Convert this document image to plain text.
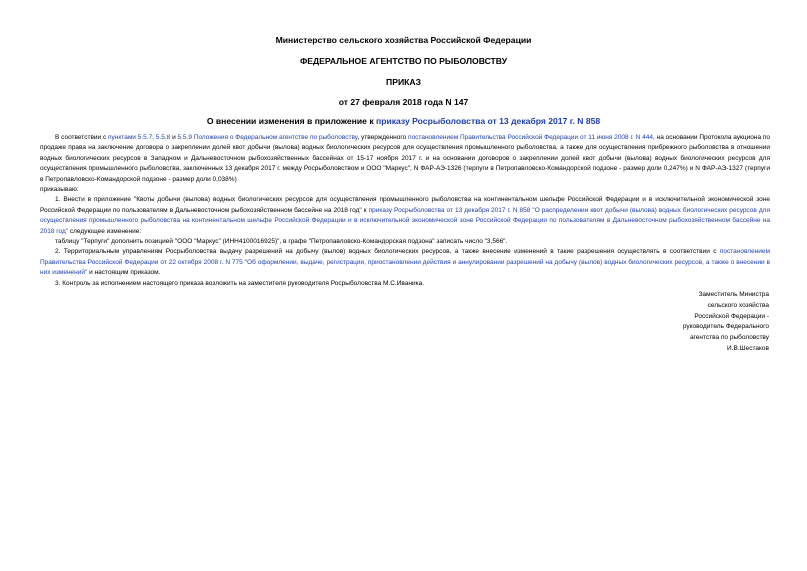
Министерство сельского хозяйства Российской Федерации
ФЕДЕРАЛЬНОЕ АГЕНТСТВО ПО РЫБОЛОВСТВУ
ПРИКАЗ
от 27 февраля 2018 года N 147
О внесении изменения в приложение к приказу Росрыболовства от 13 декабря 2017 г. N 858

В соответствии с пунктами 5.5.7, 5.5.8 и 5.5.9 Положения о Федеральном агентстве по рыболовству, утвержденного постановлением Правительства Российской Федерации от 11 июня 2008 г. N 444, на основании Протокола аукциона по продаже права на заключение договора о закреплении долей квот добычи (вылова) водных биологических ресурсов для осуществления промышленного рыболовства, а также для осуществления прибрежного рыболовства в отношении водных биологических ресурсов в Западном и Дальневосточном рыбохозяйственных бассейнах от 15-17 ноября 2017 г. и на основании договоров о закреплении долей квот добычи (вылова) водных биологических ресурсов для осуществления промышленного рыболовства, заключенных 13 декабря 2017 г. между Росрыболовством и ООО "Маркус", N ФАР-АЭ-1326 (терпуги в Петропавловско-Командорской подзоне - размер доли 0,247%) и N ФАР-АЭ-1327 (терпуги в Петропавловско-Командорской подзоне - размер доли 0,038%)

приказываю:

1. Внести в приложение "Квоты добычи (вылова) водных биологических ресурсов для осуществления промышленного рыболовства на континентальном шельфе Российской Федерации и в исключительной экономической зоне Российской Федерации по пользователям в Дальневосточном рыбохозяйственном бассейне на 2018 год" к приказу Росрыболовства от 13 декабря 2017 г. N 858 "О распределении квот добычи (вылова) водных биологических ресурсов для осуществления промышленного рыболовства на континентальном шельфе Российской Федерации и в исключительной экономической зоне Российской Федерации по пользователям в Дальневосточном рыбохозяйственном бассейне на 2018 год" следующее изменение:

таблицу "Терпуги" дополнить позицией "ООО "Маркус" (ИНН4100016925)", в графе "Петропавловско-Командорская подзона" записать число "3,566".

2. Территориальным управлениям Росрыболовства выдачу разрешений на добычу (вылов) водных биологических ресурсов, а также внесение изменений в такие разрешения осуществлять в соответствии с постановлением Правительства Российской Федерации от 22 октября 2008 г. N 775 "Об оформлении, выдаче, регистрации, приостановлении действия и аннулировании разрешений на добычу (вылов) водных биологических ресурсов, а также о внесении в них изменений" и настоящим приказом.

3. Контроль за исполнением настоящего приказа возложить на заместителя руководителя Росрыболовства М.С.Иваника.

Заместитель Министра
сельского хозяйства
Российской Федерации -
руководитель Федерального
агентства по рыболовству
И.В.Шестаков
